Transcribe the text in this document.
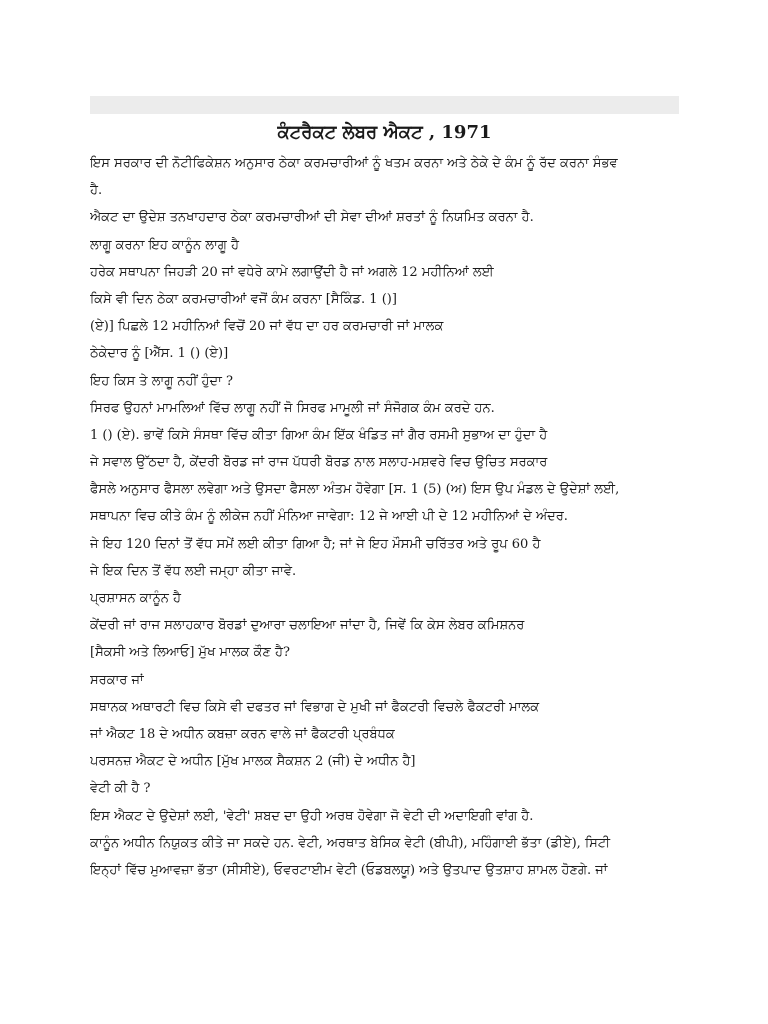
ਕੰਟਰੈਕਟ ਲੇਬਰ ਐਕਟ , 1971
ਇਸ ਸਰਕਾਰ ਦੀ ਨੋਟੀਫਿਕੇਸ਼ਨ ਅਨੁਸਾਰ ਠੇਕਾ ਕਰਮਚਾਰੀਆਂ ਨੂੰ ਖਤਮ ਕਰਨਾ ਅਤੇ ਠੇਕੇ ਦੇ ਕੰਮ ਨੂੰ ਰੱਦ ਕਰਨਾ ਸੰਭਵ
ਹੈ.
ਐਕਟ ਦਾ ਉਦੇਸ਼ ਤਨਖਾਹਦਾਰ ਠੇਕਾ ਕਰਮਚਾਰੀਆਂ ਦੀ ਸੇਵਾ ਦੀਆਂ ਸ਼ਰਤਾਂ ਨੂੰ ਨਿਯਮਿਤ ਕਰਨਾ ਹੈ.
ਲਾਗੂ ਕਰਨਾ ਇਹ ਕਾਨੂੰਨ ਲਾਗੂ ਹੈ
ਹਰੇਕ ਸਥਾਪਨਾ ਜਿਹੜੀ 20 ਜਾਂ ਵਧੇਰੇ ਕਾਮੇ ਲਗਾਉਂਦੀ ਹੈ ਜਾਂ ਅਗਲੇ 12 ਮਹੀਨਿਆਂ ਲਈ
ਕਿਸੇ ਵੀ ਦਿਨ ਠੇਕਾ ਕਰਮਚਾਰੀਆਂ ਵਜੋਂ ਕੰਮ ਕਰਨਾ [ਸੈਕਿੰਡ. 1 ()]
(ਏ)] ਪਿਛਲੇ 12 ਮਹੀਨਿਆਂ ਵਿਚੋਂ 20 ਜਾਂ ਵੱਧ ਦਾ ਹਰ ਕਰਮਚਾਰੀ ਜਾਂ ਮਾਲਕ
ਠੇਕੇਦਾਰ ਨੂੰ [ਐੱਸ. 1 () (ਏ)]
ਇਹ ਕਿਸ ਤੇ ਲਾਗੂ ਨਹੀਂ ਹੁੰਦਾ ?
ਸਿਰਫ ਉਹਨਾਂ ਮਾਮਲਿਆਂ ਵਿੱਚ ਲਾਗੂ ਨਹੀਂ ਜੋ ਸਿਰਫ ਮਾਮੂਲੀ ਜਾਂ ਸੰਜੋਗਕ ਕੰਮ ਕਰਦੇ ਹਨ.
1 () (ਏ). ਭਾਵੇਂ ਕਿਸੇ ਸੰਸਥਾ ਵਿੱਚ ਕੀਤਾ ਗਿਆ ਕੰਮ ਇੱਕ ਖੰਡਿਤ ਜਾਂ ਗੈਰ ਰਸਮੀ ਸੁਭਾਅ ਦਾ ਹੁੰਦਾ ਹੈ
ਜੇ ਸਵਾਲ ਉੱਠਦਾ ਹੈ, ਕੇਂਦਰੀ ਬੋਰਡ ਜਾਂ ਰਾਜ ਪੱਧਰੀ ਬੋਰਡ ਨਾਲ ਸਲਾਹ-ਮਸ਼ਵਰੇ ਵਿਚ ਉਚਿਤ ਸਰਕਾਰ
ਫੈਸਲੇ ਅਨੁਸਾਰ ਫੈਸਲਾ ਲਵੇਗਾ ਅਤੇ ਉਸਦਾ ਫੈਸਲਾ ਅੰਤਮ ਹੋਵੇਗਾ [ਸ. 1 (5) (ਅ) ਇਸ ਉਪ ਮੰਡਲ ਦੇ ਉਦੇਸ਼ਾਂ ਲਈ,
ਸਥਾਪਨਾ ਵਿਚ ਕੀਤੇ ਕੰਮ ਨੂੰ ਲੀਕੇਜ ਨਹੀਂ ਮੰਨਿਆ ਜਾਵੇਗਾ: 12 ਜੇ ਆਈ ਪੀ ਦੇ 12 ਮਹੀਨਿਆਂ ਦੇ ਅੰਦਰ.
ਜੇ ਇਹ 120 ਦਿਨਾਂ ਤੋਂ ਵੱਧ ਸਮੇਂ ਲਈ ਕੀਤਾ ਗਿਆ ਹੈ; ਜਾਂ ਜੇ ਇਹ ਮੌਸਮੀ ਚਰਿੱਤਰ ਅਤੇ ਰੂਪ 60 ਹੈ
ਜੇ ਇਕ ਦਿਨ ਤੋਂ ਵੱਧ ਲਈ ਜਮ੍ਹਾ ਕੀਤਾ ਜਾਵੇ.
ਪ੍ਰਸ਼ਾਸਨ ਕਾਨੂੰਨ ਹੈ
ਕੇਂਦਰੀ ਜਾਂ ਰਾਜ ਸਲਾਹਕਾਰ ਬੋਰਡਾਂ ਦੁਆਰਾ ਚਲਾਇਆ ਜਾਂਦਾ ਹੈ, ਜਿਵੇਂ ਕਿ ਕੇਸ ਲੇਬਰ ਕਮਿਸ਼ਨਰ
[ਸੈਕਸੀ ਅਤੇ ਲਿਆਓ] ਮੁੱਖ ਮਾਲਕ ਕੌਣ ਹੈ?
ਸਰਕਾਰ ਜਾਂ
ਸਥਾਨਕ ਅਥਾਰਟੀ ਵਿਚ ਕਿਸੇ ਵੀ ਦਫਤਰ ਜਾਂ ਵਿਭਾਗ ਦੇ ਮੁਖੀ ਜਾਂ ਫੈਕਟਰੀ ਵਿਚਲੇ ਫੈਕਟਰੀ ਮਾਲਕ
ਜਾਂ ਐਕਟ 18 ਦੇ ਅਧੀਨ ਕਬਜ਼ਾ ਕਰਨ ਵਾਲੇ ਜਾਂ ਫੈਕਟਰੀ ਪ੍ਰਬੰਧਕ
ਪਰਸਨਜ਼ ਐਕਟ ਦੇ ਅਧੀਨ [ਮੁੱਖ ਮਾਲਕ ਸੈਕਸ਼ਨ 2 (ਜੀ) ਦੇ ਅਧੀਨ ਹੈ]
ਵੇਟੀ ਕੀ ਹੈ ?
ਇਸ ਐਕਟ ਦੇ ਉਦੇਸ਼ਾਂ ਲਈ, 'ਵੇਟੀ' ਸ਼ਬਦ ਦਾ ਉਹੀ ਅਰਥ ਹੋਵੇਗਾ ਜੋ ਵੇਟੀ ਦੀ ਅਦਾਇਗੀ ਵਾਂਗ ਹੈ.
ਕਾਨੂੰਨ ਅਧੀਨ ਨਿਯੁਕਤ ਕੀਤੇ ਜਾ ਸਕਦੇ ਹਨ. ਵੇਟੀ, ਅਰਥਾਤ ਬੇਸਿਕ ਵੇਟੀ (ਬੀਪੀ), ਮਹਿੰਗਾਈ ਭੱਤਾ (ਡੀਏ), ਸਿਟੀ
ਇਨ੍ਹਾਂ ਵਿੱਚ ਮੁਆਵਜ਼ਾ ਭੱਤਾ (ਸੀਸੀਏ), ਓਵਰਟਾਈਮ ਵੇਟੀ (ਓਡਬਲਯੂ) ਅਤੇ ਉਤਪਾਦ ਉਤਸ਼ਾਹ ਸ਼ਾਮਲ ਹੋਣਗੇ. ਜਾਂ
